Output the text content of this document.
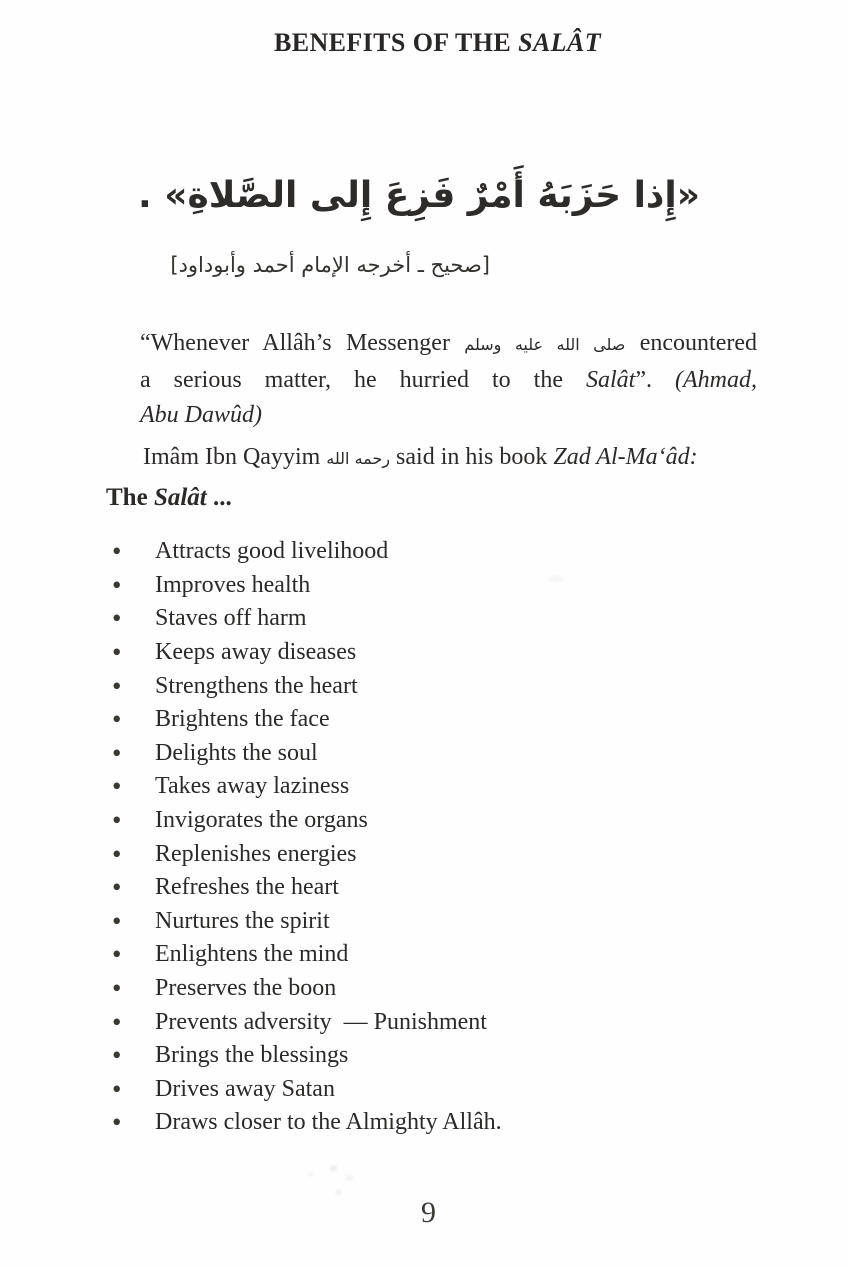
BENEFITS OF THE SALÂT
«إِذا حَزَبَهُ أَمْرٌ فَزِعَ إِلى الصَّلاةِ» .
[صحيح ـ أخرجه الإمام أحمد وأبوداود]
“Whenever Allâh’s Messenger صلى الله عليه وسلم encountered
a serious matter, he hurried to the Salât”. (Ahmad,
Abu Dawûd)
Imâm Ibn Qayyim رحمه الله said in his book Zad Al-Ma‘âd:
The Salât ...
•	Attracts good livelihood
•	Improves health
•	Staves off harm
•	Keeps away diseases
•	Strengthens the heart
•	Brightens the face
•	Delights the soul
•	Takes away laziness
•	Invigorates the organs
•	Replenishes energies
•	Refreshes the heart
•	Nurtures the spirit
•	Enlightens the mind
•	Preserves the boon
•	Prevents adversity  — Punishment
•	Brings the blessings
•	Drives away Satan
•	Draws closer to the Almighty Allâh.
9
